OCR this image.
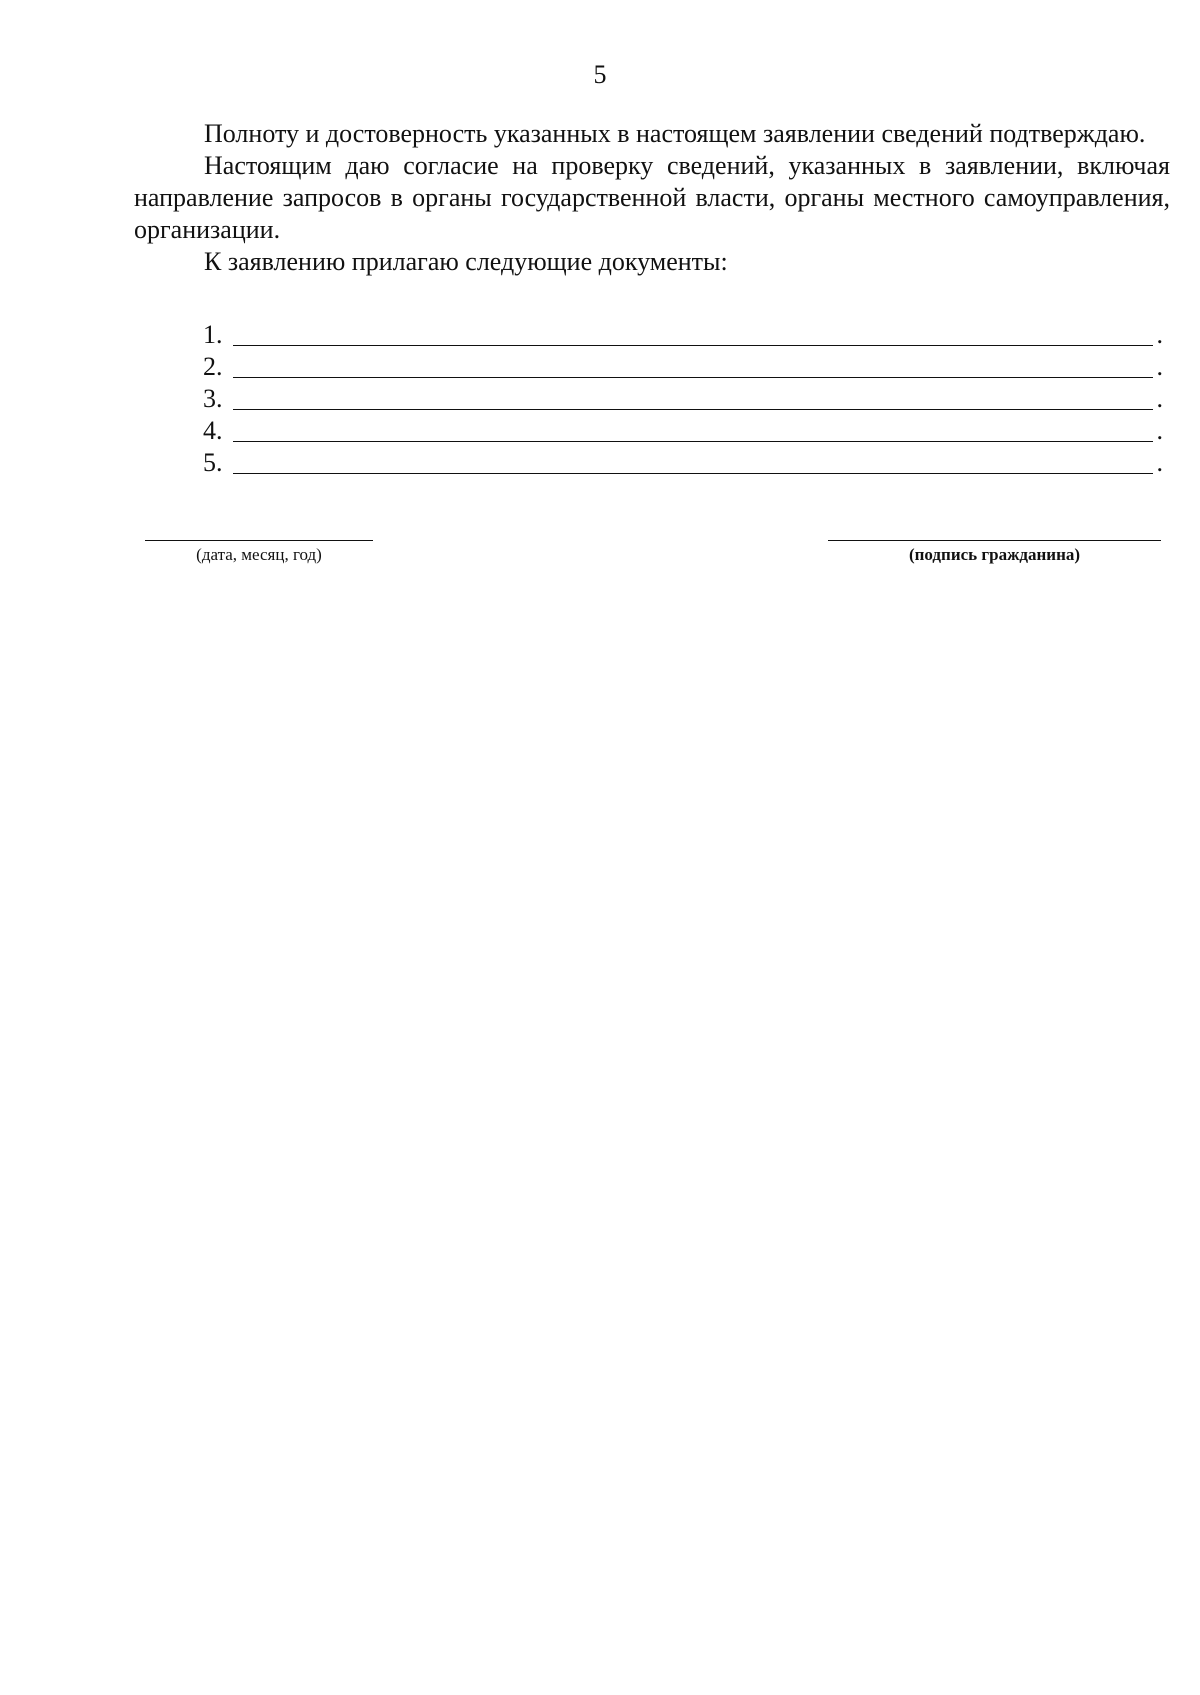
5

Полноту и достоверность указанных в настоящем заявлении сведений подтверждаю.

Настоящим даю согласие на проверку сведений, указанных в заявлении, включая направление запросов в органы государственной власти, органы местного самоуправления, организации.

К заявлению прилагаю следующие документы:

1.	.
2.	.
3.	.
4.	.
5.	.
(дата, месяц, год)	(подпись гражданина)
